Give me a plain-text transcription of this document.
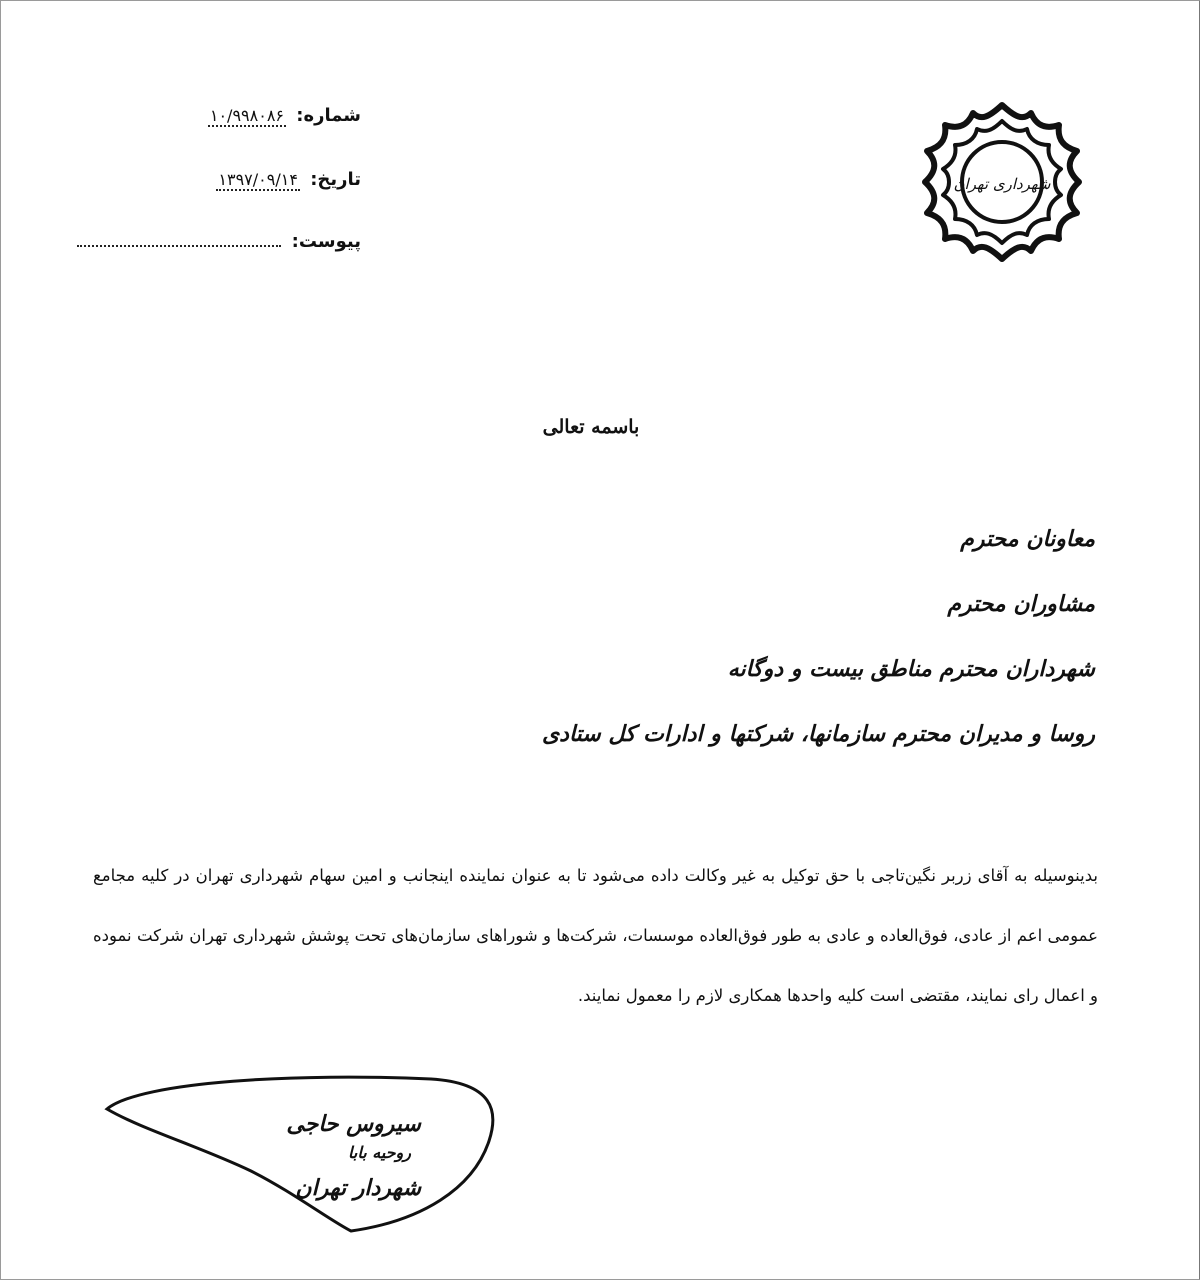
شماره: ۱۰/۹۹۸۰۸۶
تاریخ: ۱۳۹۷/۰۹/۱۴
پیوست:
شهرداری تهران
باسمه تعالی
معاونان محترم
مشاوران محترم
شهرداران محترم مناطق بیست و دوگانه
روسا و مدیران محترم سازمانها، شرکتها و ادارات کل ستادی

بدینوسیله به آقای زربر نگین‌تاجی با حق توکیل به غیر وکالت داده می‌شود تا به عنوان نماینده اینجانب و امین سهام شهرداری تهران در کلیه مجامع عمومی اعم از عادی، فوق‌العاده و عادی به طور فوق‌العاده موسسات، شرکت‌ها و شوراهای سازمان‌های تحت پوشش شهرداری تهران شرکت نموده و اعمال رای نمایند، مقتضی است کلیه واحدها همکاری لازم را معمول نمایند.

سیروس حاجی
روحیه بابا
شهردار تهران
